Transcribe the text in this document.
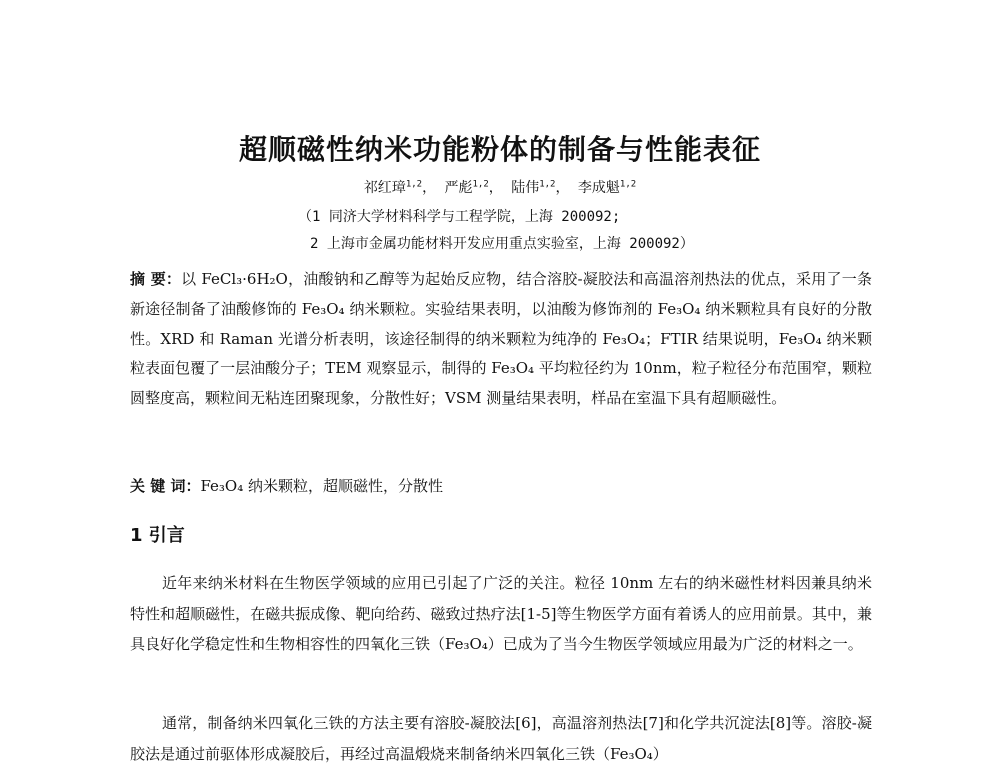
超顺磁性纳米功能粉体的制备与性能表征
祁红璋$^{1,2}$， 严彪$^{1,2}$， 陆伟$^{1,2}$， 李成魁$^{1,2}$
（1 同济大学材料科学与工程学院，上海 200092;
2 上海市金属功能材料开发应用重点实验室，上海 200092）
摘 要：以 FeCl₃·6H₂O，油酸钠和乙醇等为起始反应物，结合溶胶-凝胶法和高温溶剂热法的优点，采用了一条新途径制备了油酸修饰的 Fe₃O₄ 纳米颗粒。实验结果表明，以油酸为修饰剂的 Fe₃O₄ 纳米颗粒具有良好的分散性。XRD 和 Raman 光谱分析表明，该途径制得的纳米颗粒为纯净的 Fe₃O₄；FTIR 结果说明，Fe₃O₄ 纳米颗粒表面包覆了一层油酸分子；TEM 观察显示，制得的 Fe₃O₄ 平均粒径约为 10nm，粒子粒径分布范围窄，颗粒圆整度高，颗粒间无粘连团聚现象，分散性好；VSM 测量结果表明，样品在室温下具有超顺磁性。
关 键 词：Fe₃O₄ 纳米颗粒，超顺磁性，分散性
1 引言
近年来纳米材料在生物医学领域的应用已引起了广泛的关注。粒径 10nm 左右的纳米磁性材料因兼具纳米特性和超顺磁性，在磁共振成像、靶向给药、磁致过热疗法[1-5]等生物医学方面有着诱人的应用前景。其中，兼具良好化学稳定性和生物相容性的四氧化三铁（Fe₃O₄）已成为了当今生物医学领域应用最为广泛的材料之一。
通常，制备纳米四氧化三铁的方法主要有溶胶-凝胶法[6]，高温溶剂热法[7]和化学共沉淀法[8]等。溶胶-凝胶法是通过前驱体形成凝胶后，再经过高温煅烧来制备纳米四氧化三铁（Fe₃O₄）
